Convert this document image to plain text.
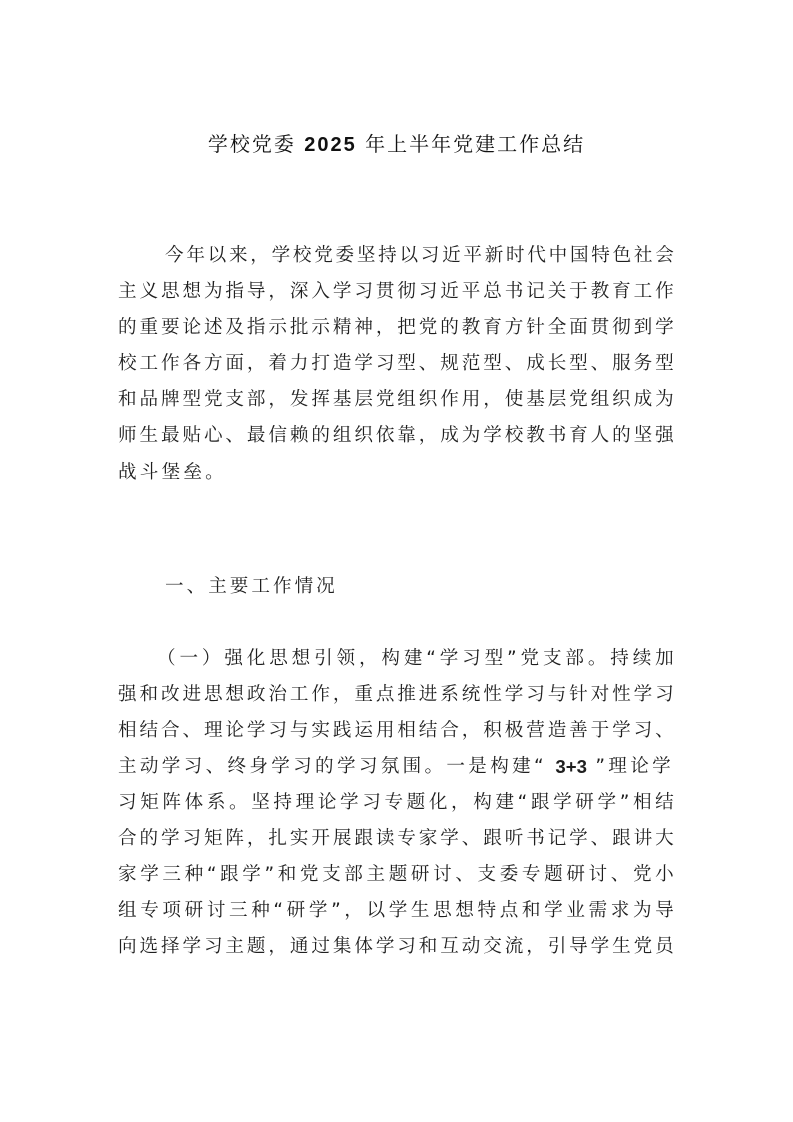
学校党委 2025 年上半年党建工作总结
今 年 以 来 ， 学 校 党 委 坚 持 以 习 近 平 新 时 代 中 国 特 色 社 会
主 义 思 想 为 指 导 ， 深 入 学 习 贯 彻 习 近 平 总 书 记 关 于 教 育 工 作
的 重 要 论 述 及 指 示 批 示 精 神 ， 把 党 的 教 育 方 针 全 面 贯 彻 到 学
校 工 作 各 方 面 ， 着 力 打 造 学 习 型 、 规 范 型 、 成 长 型 、 服 务 型
和 品 牌 型 党 支 部 ， 发 挥 基 层 党 组 织 作 用 ， 使 基 层 党 组 织 成 为
师 生 最 贴 心 、 最 信 赖 的 组 织 依 靠 ， 成 为 学 校 教 书 育 人 的 坚 强
战斗堡垒。
一、主要工作情况
（ 一 ） 强 化 思 想 引 领 ， 构 建 “ 学 习 型 ” 党 支 部 。 持 续 加
强 和 改 进 思 想 政 治 工 作 ， 重 点 推 进 系 统 性 学 习 与 针 对 性 学 习
相 结 合 、 理 论 学 习 与 实 践 运 用 相 结 合 ， 积 极 营 造 善 于 学 习 、
主动学习、终身学习的学习氛围。一是构建“ 3+3 ”理论学
习 矩 阵 体 系 。 坚 持 理 论 学 习 专 题 化 ， 构 建 “ 跟 学 研 学 ” 相 结
合 的 学 习 矩 阵 ， 扎 实 开 展 跟 读 专 家 学 、 跟 听 书 记 学 、 跟 讲 大
家 学 三 种 “ 跟 学 ” 和 党 支 部 主 题 研 讨 、 支 委 专 题 研 讨 、 党 小
组 专 项 研 讨 三 种 “ 研 学 ” ， 以 学 生 思 想 特 点 和 学 业 需 求 为 导
向 选 择 学 习 主 题 ， 通 过 集 体 学 习 和 互 动 交 流 ， 引 导 学 生 党 员
